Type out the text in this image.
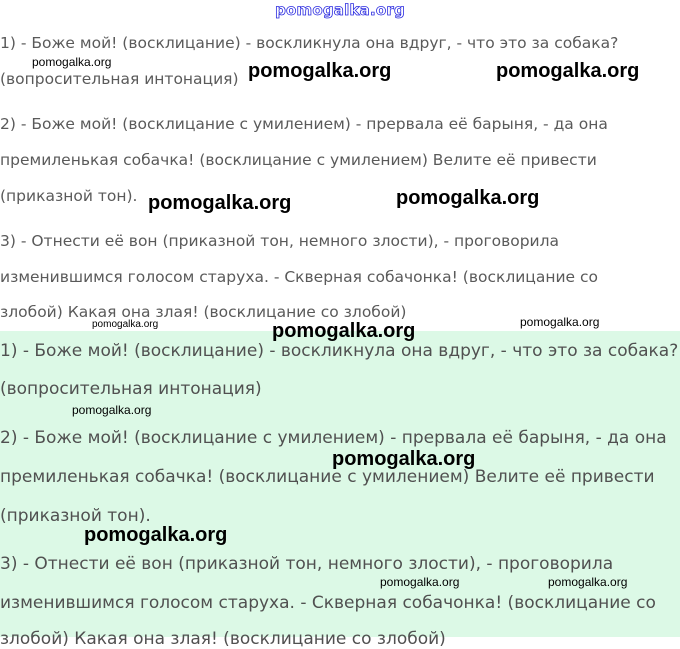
pomogalka.org
1) - Боже мой! (восклицание) - воскликнула она вдруг, - что это за собака?
(вопросительная интонация)
2) - Боже мой! (восклицание с умилением) - прервала её барыня, - да она
премиленькая собачка! (восклицание с умилением) Велите её привести
(приказной тон).
3) - Отнести её вон (приказной тон, немного злости), - проговорила
изменившимся голосом старуха. - Скверная собачонка! (восклицание со
злобой) Какая она злая! (восклицание со злобой)
1) - Боже мой! (восклицание) - воскликнула она вдруг, - что это за собака?
(вопросительная интонация)
2) - Боже мой! (восклицание с умилением) - прервала её барыня, - да она
премиленькая собачка! (восклицание с умилением) Велите её привести
(приказной тон).
3) - Отнести её вон (приказной тон, немного злости), - проговорила
изменившимся голосом старуха. - Скверная собачонка! (восклицание со
злобой) Какая она злая! (восклицание со злобой)
pomogalka.org	pomogalka.org	pomogalka.org
pomogalka.org	pomogalka.org
pomogalka.org	pomogalka.org	pomogalka.org
pomogalka.org
pomogalka.org
pomogalka.org
pomogalka.org	pomogalka.org
